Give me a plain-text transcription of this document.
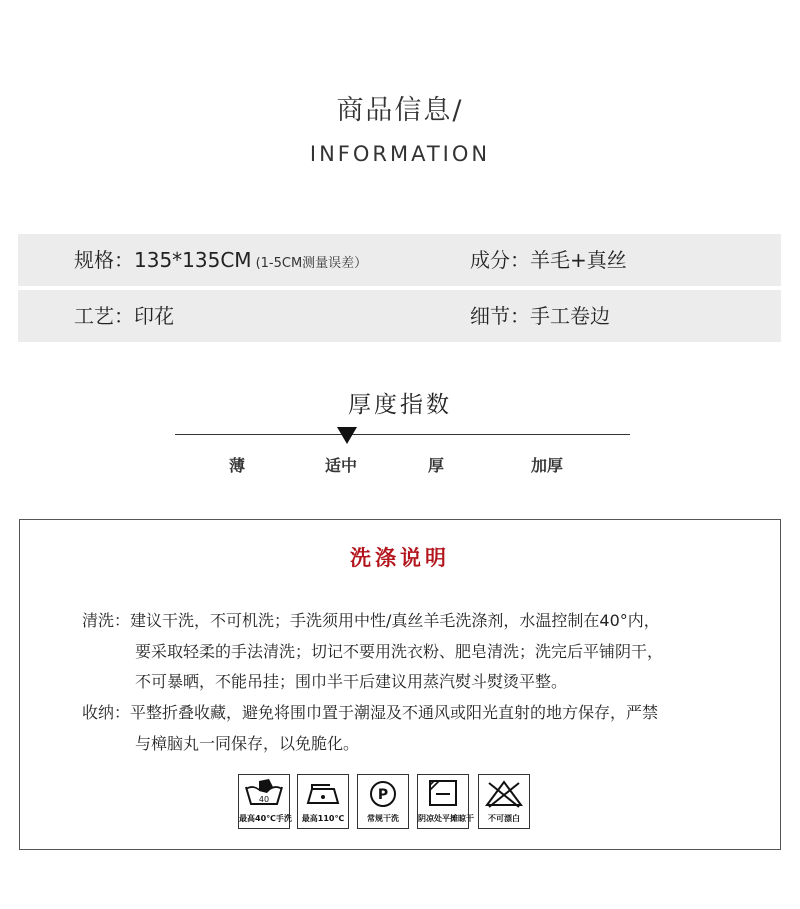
商品信息/
INFORMATION
规格：135*135CM (1-5CM测量误差）	成分：羊毛+真丝
工艺：印花	细节：手工卷边
厚度指数
薄	适中	厚	加厚
洗涤说明
清洗：建议干洗，不可机洗；手洗须用中性/真丝羊毛洗涤剂，水温控制在40°内，
要采取轻柔的手法清洗；切记不要用洗衣粉、肥皂清洗；洗完后平铺阴干，
不可暴晒，不能吊挂；围巾半干后建议用蒸汽熨斗熨烫平整。
收纳：平整折叠收藏，避免将围巾置于潮湿及不通风或阳光直射的地方保存，严禁
与樟脑丸一同保存，以免脆化。
40
最高40℃手洗	最高110℃
P
常规干洗	阴凉处平摊晾干	不可漂白
